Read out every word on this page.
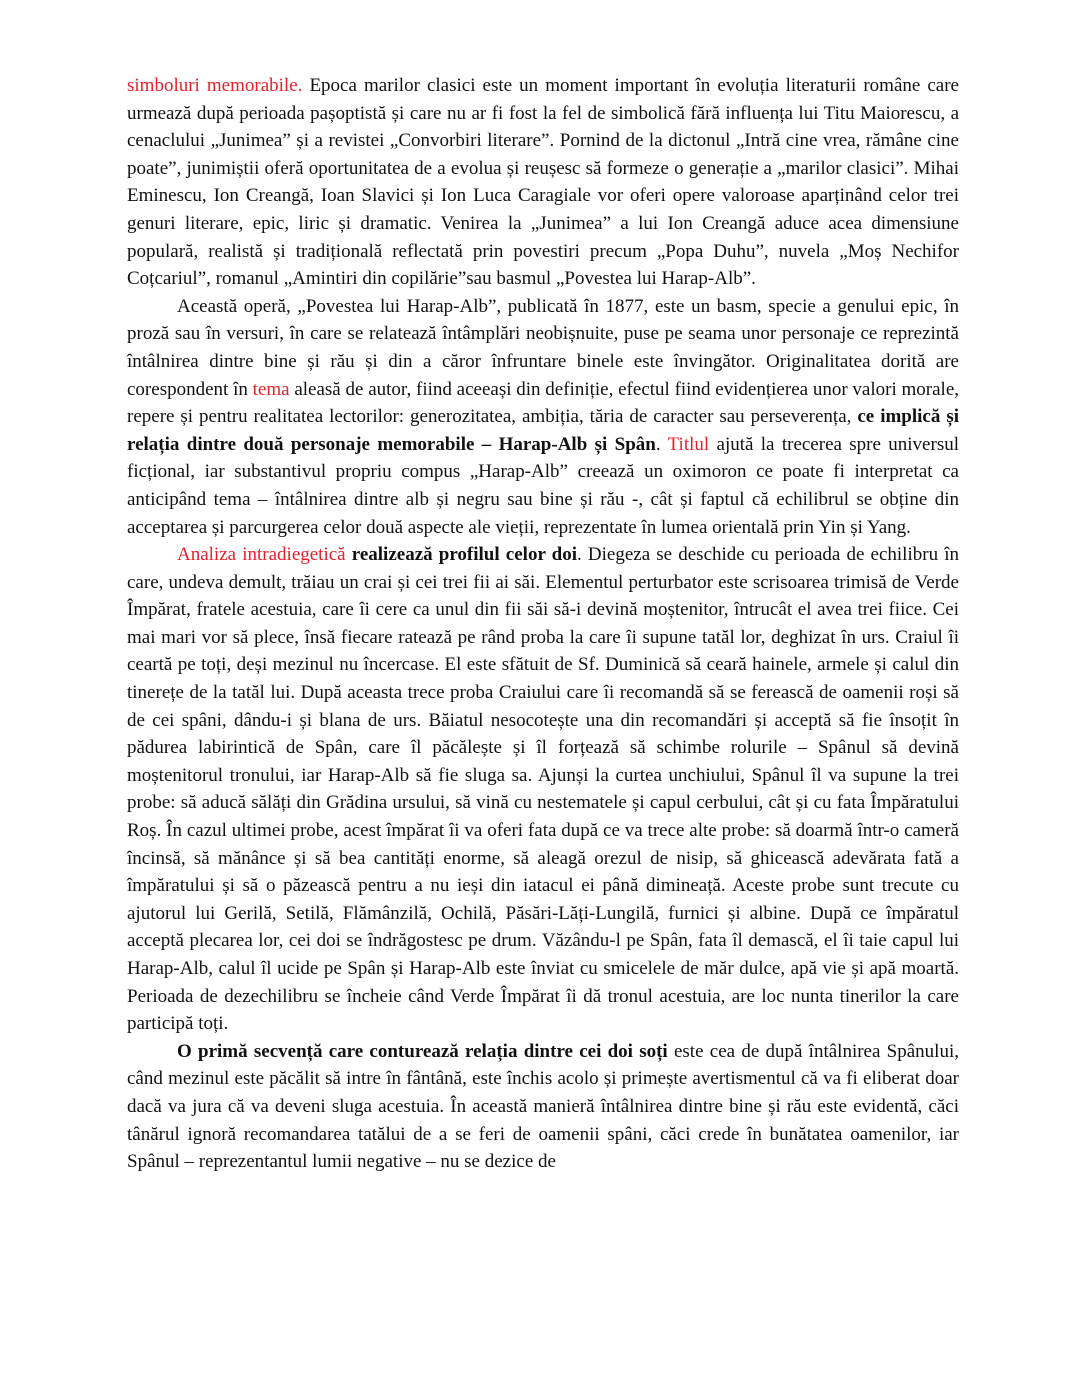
simboluri memorabile. Epoca marilor clasici este un moment important în evoluția literaturii române care urmează după perioada pașoptistă și care nu ar fi fost la fel de simbolică fără influența lui Titu Maiorescu, a cenaclului „Junimea” și a revistei „Convorbiri literare”. Pornind de la dictonul „Intră cine vrea, rămâne cine poate”, junimiștii oferă oportunitatea de a evolua și reușesc să formeze o generație a „marilor clasici”. Mihai Eminescu, Ion Creangă, Ioan Slavici și Ion Luca Caragiale vor oferi opere valoroase aparținând celor trei genuri literare, epic, liric și dramatic. Venirea la „Junimea” a lui Ion Creangă aduce acea dimensiune populară, realistă și tradițională reflectată prin povestiri precum „Popa Duhu”, nuvela „Moș Nechifor Coțcariul”, romanul „Amintiri din copilărie”sau basmul „Povestea lui Harap-Alb”.

Această operă, „Povestea lui Harap-Alb”, publicată în 1877, este un basm, specie a genului epic, în proză sau în versuri, în care se relatează întâmplări neobișnuite, puse pe seama unor personaje ce reprezintă întâlnirea dintre bine și rău și din a căror înfruntare binele este învingător. Originalitatea dorită are corespondent în tema aleasă de autor, fiind aceeași din definiție, efectul fiind evidențierea unor valori morale, repere și pentru realitatea lectorilor: generozitatea, ambiția, tăria de caracter sau perseverența, ce implică și relația dintre două personaje memorabile – Harap-Alb și Spân. Titlul ajută la trecerea spre universul ficțional, iar substantivul propriu compus „Harap-Alb” creează un oximoron ce poate fi interpretat ca anticipând tema – întâlnirea dintre alb și negru sau bine și rău -, cât și faptul că echilibrul se obține din acceptarea și parcurgerea celor două aspecte ale vieții, reprezentate în lumea orientală prin Yin și Yang.

Analiza intradiegetică realizează profilul celor doi. Diegeza se deschide cu perioada de echilibru în care, undeva demult, trăiau un crai și cei trei fii ai săi. Elementul perturbator este scrisoarea trimisă de Verde Împărat, fratele acestuia, care îi cere ca unul din fii săi să-i devină moștenitor, întrucât el avea trei fiice. Cei mai mari vor să plece, însă fiecare ratează pe rând proba la care îi supune tatăl lor, deghizat în urs. Craiul îi ceartă pe toți, deși mezinul nu încercase. El este sfătuit de Sf. Duminică să ceară hainele, armele și calul din tinerețe de la tatăl lui. După aceasta trece proba Craiului care îi recomandă să se ferească de oamenii roși să de cei spâni, dându-i și blana de urs. Băiatul nesocotește una din recomandări și acceptă să fie însoțit în pădurea labirintică de Spân, care îl păcălește și îl forțează să schimbe rolurile – Spânul să devină moștenitorul tronului, iar Harap-Alb să fie sluga sa. Ajunși la curtea unchiului, Spânul îl va supune la trei probe: să aducă sălăți din Grădina ursului, să vină cu nestematele și capul cerbului, cât și cu fata Împăratului Roș. În cazul ultimei probe, acest împărat îi va oferi fata după ce va trece alte probe: să doarmă într-o cameră încinsă, să mănânce și să bea cantități enorme, să aleagă orezul de nisip, să ghicească adevărata fată a împăratului și să o păzească pentru a nu ieși din iatacul ei până dimineață. Aceste probe sunt trecute cu ajutorul lui Gerilă, Setilă, Flămânzilă, Ochilă, Păsări-Lăți-Lungilă, furnici și albine. După ce împăratul acceptă plecarea lor, cei doi se îndrăgostesc pe drum. Văzându-l pe Spân, fata îl demască, el îi taie capul lui Harap-Alb, calul îl ucide pe Spân și Harap-Alb este înviat cu smicelele de măr dulce, apă vie și apă moartă. Perioada de dezechilibru se încheie când Verde Împărat îi dă tronul acestuia, are loc nunta tinerilor la care participă toți.

O primă secvență care conturează relația dintre cei doi soți este cea de după întâlnirea Spânului, când mezinul este păcălit să intre în fântână, este închis acolo și primește avertismentul că va fi eliberat doar dacă va jura că va deveni sluga acestuia. În această manieră întâlnirea dintre bine și rău este evidentă, căci tânărul ignoră recomandarea tatălui de a se feri de oamenii spâni, căci crede în bunătatea oamenilor, iar Spânul – reprezentantul lumii negative – nu se dezice de
